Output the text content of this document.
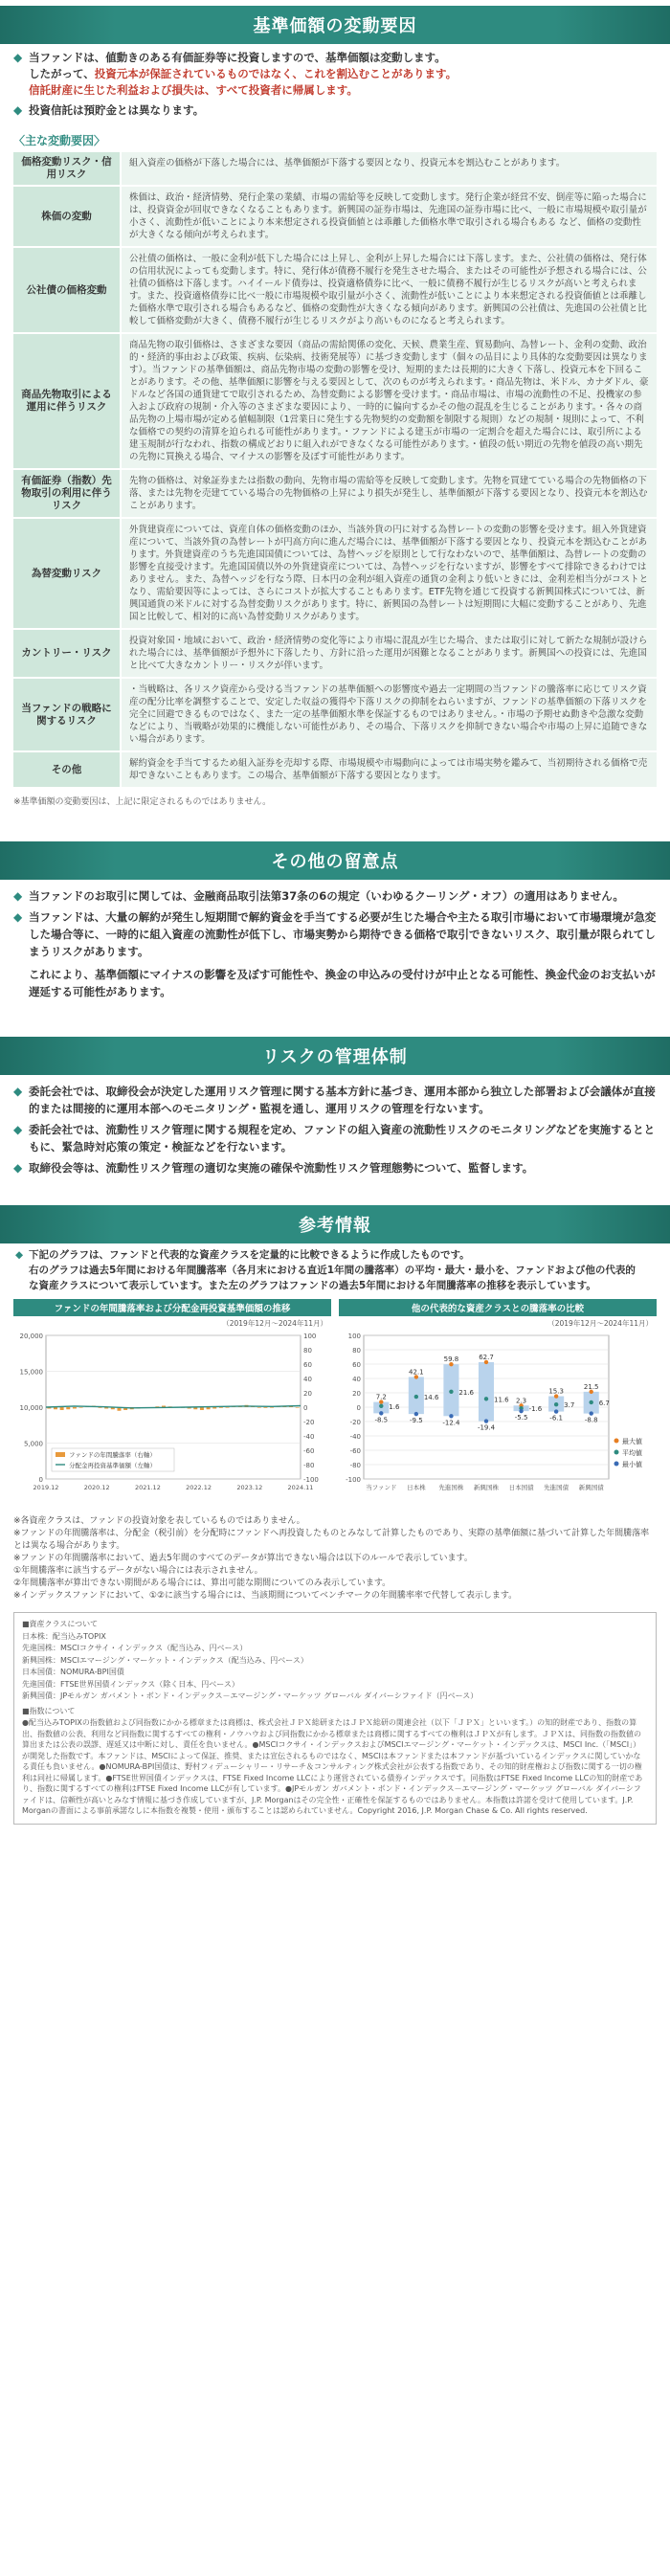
基準価額の変動要因
◆ 当ファンドは、値動きのある有価証券等に投資しますので、基準価額は変動します。
したがって、投資元本が保証されているものではなく、これを割込むことがあります。
信託財産に生じた利益および損失は、すべて投資者に帰属します。
◆ 投資信託は預貯金とは異なります。
〈主な変動要因〉
価格変動リスク・信用リスク	組入資産の価格が下落した場合には、基準価額が下落する要因となり、投資元本を割込むことがあります。
株価の変動	株価は、政治・経済情勢、発行企業の業績、市場の需給等を反映して変動します。発行企業が経営不安、倒産等に陥った場合には、投資資金が回収できなくなることもあります。新興国の証券市場は、先進国の証券市場に比べ、一般に市場規模や取引量が小さく、流動性が低いことにより本来想定される投資価値とは乖離した価格水準で取引される場合もある など、価格の変動性が大きくなる傾向が考えられます。
公社債の価格変動	公社債の価格は、一般に金利が低下した場合には上昇し、金利が上昇した場合には下落します。また、公社債の価格は、発行体の信用状況によっても変動します。特に、発行体が債務不履行を発生させた場合、またはその可能性が予想される場合には、公社債の価格は下落します。ハイイールド債券は、投資適格債券に比べ、一般に債務不履行が生じるリスクが高いと考えられます。また、投資適格債券に比べ一般に市場規模や取引量が小さく、流動性が低いことにより本来想定される投資価値とは乖離した価格水準で取引される場合もあるなど、価格の変動性が大きくなる傾向があります。新興国の公社債は、先進国の公社債と比較して価格変動が大きく、債務不履行が生じるリスクがより高いものになると考えられます。
商品先物取引による運用に伴うリスク	商品先物の取引価格は、さまざまな要因（商品の需給関係の変化、天候、農業生産、貿易動向、為替レート、金利の変動、政治的・経済的事由および政策、疾病、伝染病、技術発展等）に基づき変動します（個々の品目により具体的な変動要因は異なります）。当ファンドの基準価額は、商品先物市場の変動の影響を受け、短期的または長期的に大きく下落し、投資元本を下回ることがあります。その他、基準価額に影響を与える要因として、次のものが考えられます。・商品先物は、米ドル、カナダドル、豪ドルなど各国の通貨建てで取引されるため、為替変動による影響を受けます。・商品市場は、市場の流動性の不足、投機家の参入および政府の規制・介入等のさまざまな要因により、一時的に偏向するかその他の混乱を生じることがあります。・各々の商品先物の上場市場が定める値幅制限（1営業日に発生する先物契約の変動額を制限する規則）などの規制・規則によって、不利な価格での契約の清算を迫られる可能性があります。・ファンドによる建玉が市場の一定割合を超えた場合には、取引所による建玉規制が行なわれ、指数の構成どおりに組入れができなくなる可能性があります。・値段の低い期近の先物を値段の高い期先の先物に買換える場合、マイナスの影響を及ぼす可能性があります。
有価証券（指数）先物取引の利用に伴うリスク	先物の価格は、対象証券または指数の動向、先物市場の需給等を反映して変動します。先物を買建てている場合の先物価格の下落、または先物を売建てている場合の先物価格の上昇により損失が発生し、基準価額が下落する要因となり、投資元本を割込むことがあります。
為替変動リスク	外貨建資産については、資産自体の価格変動のほか、当該外貨の円に対する為替レートの変動の影響を受けます。組入外貨建資産について、当該外貨の為替レートが円高方向に進んだ場合には、基準価額が下落する要因となり、投資元本を割込むことがあります。外貨建資産のうち先進国国債については、為替ヘッジを原則として行なわないので、基準価額は、為替レートの変動の影響を直接受けます。先進国国債以外の外貨建資産については、為替ヘッジを行ないますが、影響をすべて排除できるわけではありません。また、為替ヘッジを行なう際、日本円の金利が組入資産の通貨の金利より低いときには、金利差相当分がコストとなり、需給要因等によっては、さらにコストが拡大することもあります。ETF先物を通じて投資する新興国株式については、新興国通貨の米ドルに対する為替変動リスクがあります。特に、新興国の為替レートは短期間に大幅に変動することがあり、先進国と比較して、相対的に高い為替変動リスクがあります。
カントリー・リスク	投資対象国・地域において、政治・経済情勢の変化等により市場に混乱が生じた場合、または取引に対して新たな規制が設けられた場合には、基準価額が予想外に下落したり、方針に沿った運用が困難となることがあります。新興国への投資には、先進国と比べて大きなカントリー・リスクが伴います。
当ファンドの戦略に関するリスク	・当戦略は、各リスク資産から受ける当ファンドの基準価額への影響度や過去一定期間の当ファンドの騰落率に応じてリスク資産の配分比率を調整することで、安定した収益の獲得や下落リスクの抑制をねらいますが、ファンドの基準価額の下落リスクを完全に回避できるものではなく、また一定の基準価額水準を保証するものではありません。・市場の予期せぬ動きや急激な変動などにより、当戦略が効果的に機能しない可能性があり、その場合、下落リスクを抑制できない場合や市場の上昇に追随できない場合があります。
その他	解約資金を手当てするため組入証券を売却する際、市場規模や市場動向によっては市場実勢を鑑みて、当初期待される価格で売却できないこともあります。この場合、基準価額が下落する要因となります。
※基準価額の変動要因は、上記に限定されるものではありません。
その他の留意点
◆ 当ファンドのお取引に関しては、金融商品取引法第37条の6の規定（いわゆるクーリング・オフ）の適用はありません。
◆ 当ファンドは、大量の解約が発生し短期間で解約資金を手当てする必要が生じた場合や主たる取引市場において市場環境が急変した場合等に、一時的に組入資産の流動性が低下し、市場実勢から期待できる価格で取引できないリスク、取引量が限られてしまうリスクがあります。
これにより、基準価額にマイナスの影響を及ぼす可能性や、換金の申込みの受付けが中止となる可能性、換金代金のお支払いが遅延する可能性があります。
リスクの管理体制
◆ 委託会社では、取締役会が決定した運用リスク管理に関する基本方針に基づき、運用本部から独立した部署および会議体が直接的または間接的に運用本部へのモニタリング・監視を通し、運用リスクの管理を行ないます。
◆ 委託会社では、流動性リスク管理に関する規程を定め、ファンドの組入資産の流動性リスクのモニタリングなどを実施するとともに、緊急時対応策の策定・検証などを行ないます。
◆ 取締役会等は、流動性リスク管理の適切な実施の確保や流動性リスク管理態勢について、監督します。
参考情報
◆ 下記のグラフは、ファンドと代表的な資産クラスを定量的に比較できるように作成したものです。
右のグラフは過去5年間における年間騰落率（各月末における直近1年間の騰落率）の平均・最大・最小を、ファンドおよび他の代表的な資産クラスについて表示しています。また左のグラフはファンドの過去5年間における年間騰落率の推移を表示しています。
ファンドの年間騰落率および分配金再投資基準価額の推移
（2019年12月～2024年11月）
20,000
15,000
10,000
5,000
0
100
80
60
40
20
0
-20
-40
-60
-80
-100
2019.12	2020.12	2021.12	2022.12	2023.12	2024.11
ファンドの年間騰落率（右軸）
分配金再投資基準価額（左軸）
他の代表的な資産クラスとの騰落率の比較
（2019年12月～2024年11月）
100
80
60
40
20
0
-20
-40
-60
-80
-100
7.2
1.6
-8.5
当ファンド
42.1
14.6
-9.5
日本株
59.8
21.6
-12.4
先進国株
62.7
11.6
-19.4
新興国株
2.3
-1.6
-5.5
日本国債
15.3
3.7
-6.1
先進国債
21.5
6.7
-8.8
新興国債
最大値
平均値
最小値
※各資産クラスは、ファンドの投資対象を表しているものではありません。
※ファンドの年間騰落率は、分配金（税引前）を分配時にファンドへ再投資したものとみなして計算したものであり、実際の基準価額に基づいて計算した年間騰落率とは異なる場合があります。
※ファンドの年間騰落率において、過去5年間のすべてのデータが算出できない場合は以下のルールで表示しています。
①年間騰落率に該当するデータがない場合には表示されません。
②年間騰落率が算出できない期間がある場合には、算出可能な期間についてのみ表示しています。
※インデックスファンドにおいて、①②に該当する場合には、当該期間についてベンチマークの年間騰率率で代替して表示します。
■資産クラスについて
日本株：配当込みTOPIX
先進国株：MSCIコクサイ・インデックス（配当込み、円ベース）
新興国株：MSCIエマージング・マーケット・インデックス（配当込み、円ベース）
日本国債：NOMURA-BPI国債
先進国債：FTSE世界国債インデックス（除く日本、円ベース）
新興国債：JPモルガン ガバメント・ボンド・インデックス－エマージング・マーケッツ グローバル ダイバーシファイド（円ベース）
■指数について
●配当込みTOPIXの指数値および同指数にかかる標章または商標は、株式会社ＪＰＸ総研またはＪＰＸ総研の関連会社（以下「ＪＰＸ」といいます。）の知的財産であり、指数の算出、指数値の公表、利用など同指数に関するすべての権利・ノウハウおよび同指数にかかる標章または商標に関するすべての権利はＪＰＸが有します。ＪＰＸは、同指数の指数値の算出または公表の誤謬、遅延又は中断に対し、責任を負いません。●MSCIコクサイ・インデックスおよびMSCIエマージング・マーケット・インデックスは、MSCI Inc.（「MSCI」）が開発した指数です。本ファンドは、MSCIによって保証、推奨、または宣伝されるものではなく、MSCIは本ファンドまたは本ファンドが基づいているインデックスに関していかなる責任も負いません。●NOMURA-BPI国債は、野村フィデューシャリー・リサーチ＆コンサルティング株式会社が公表する指数であり、その知的財産権および指数に関する一切の権利は同社に帰属します。●FTSE世界国債インデックスは、FTSE Fixed Income LLCにより運営されている債券インデックスです。同指数はFTSE Fixed Income LLCの知的財産であり、指数に関するすべての権利はFTSE Fixed Income LLCが有しています。●JPモルガン ガバメント・ボンド・インデックス－エマージング・マーケッツ グローバル ダイバーシファイドは、信頼性が高いとみなす情報に基づき作成していますが、J.P. Morganはその完全性・正確性を保証するものではありません。本指数は許諾を受けて使用しています。J.P. Morganの書面による事前承諾なしに本指数を複製・使用・頒布することは認められていません。Copyright 2016, J.P. Morgan Chase & Co. All rights reserved.
